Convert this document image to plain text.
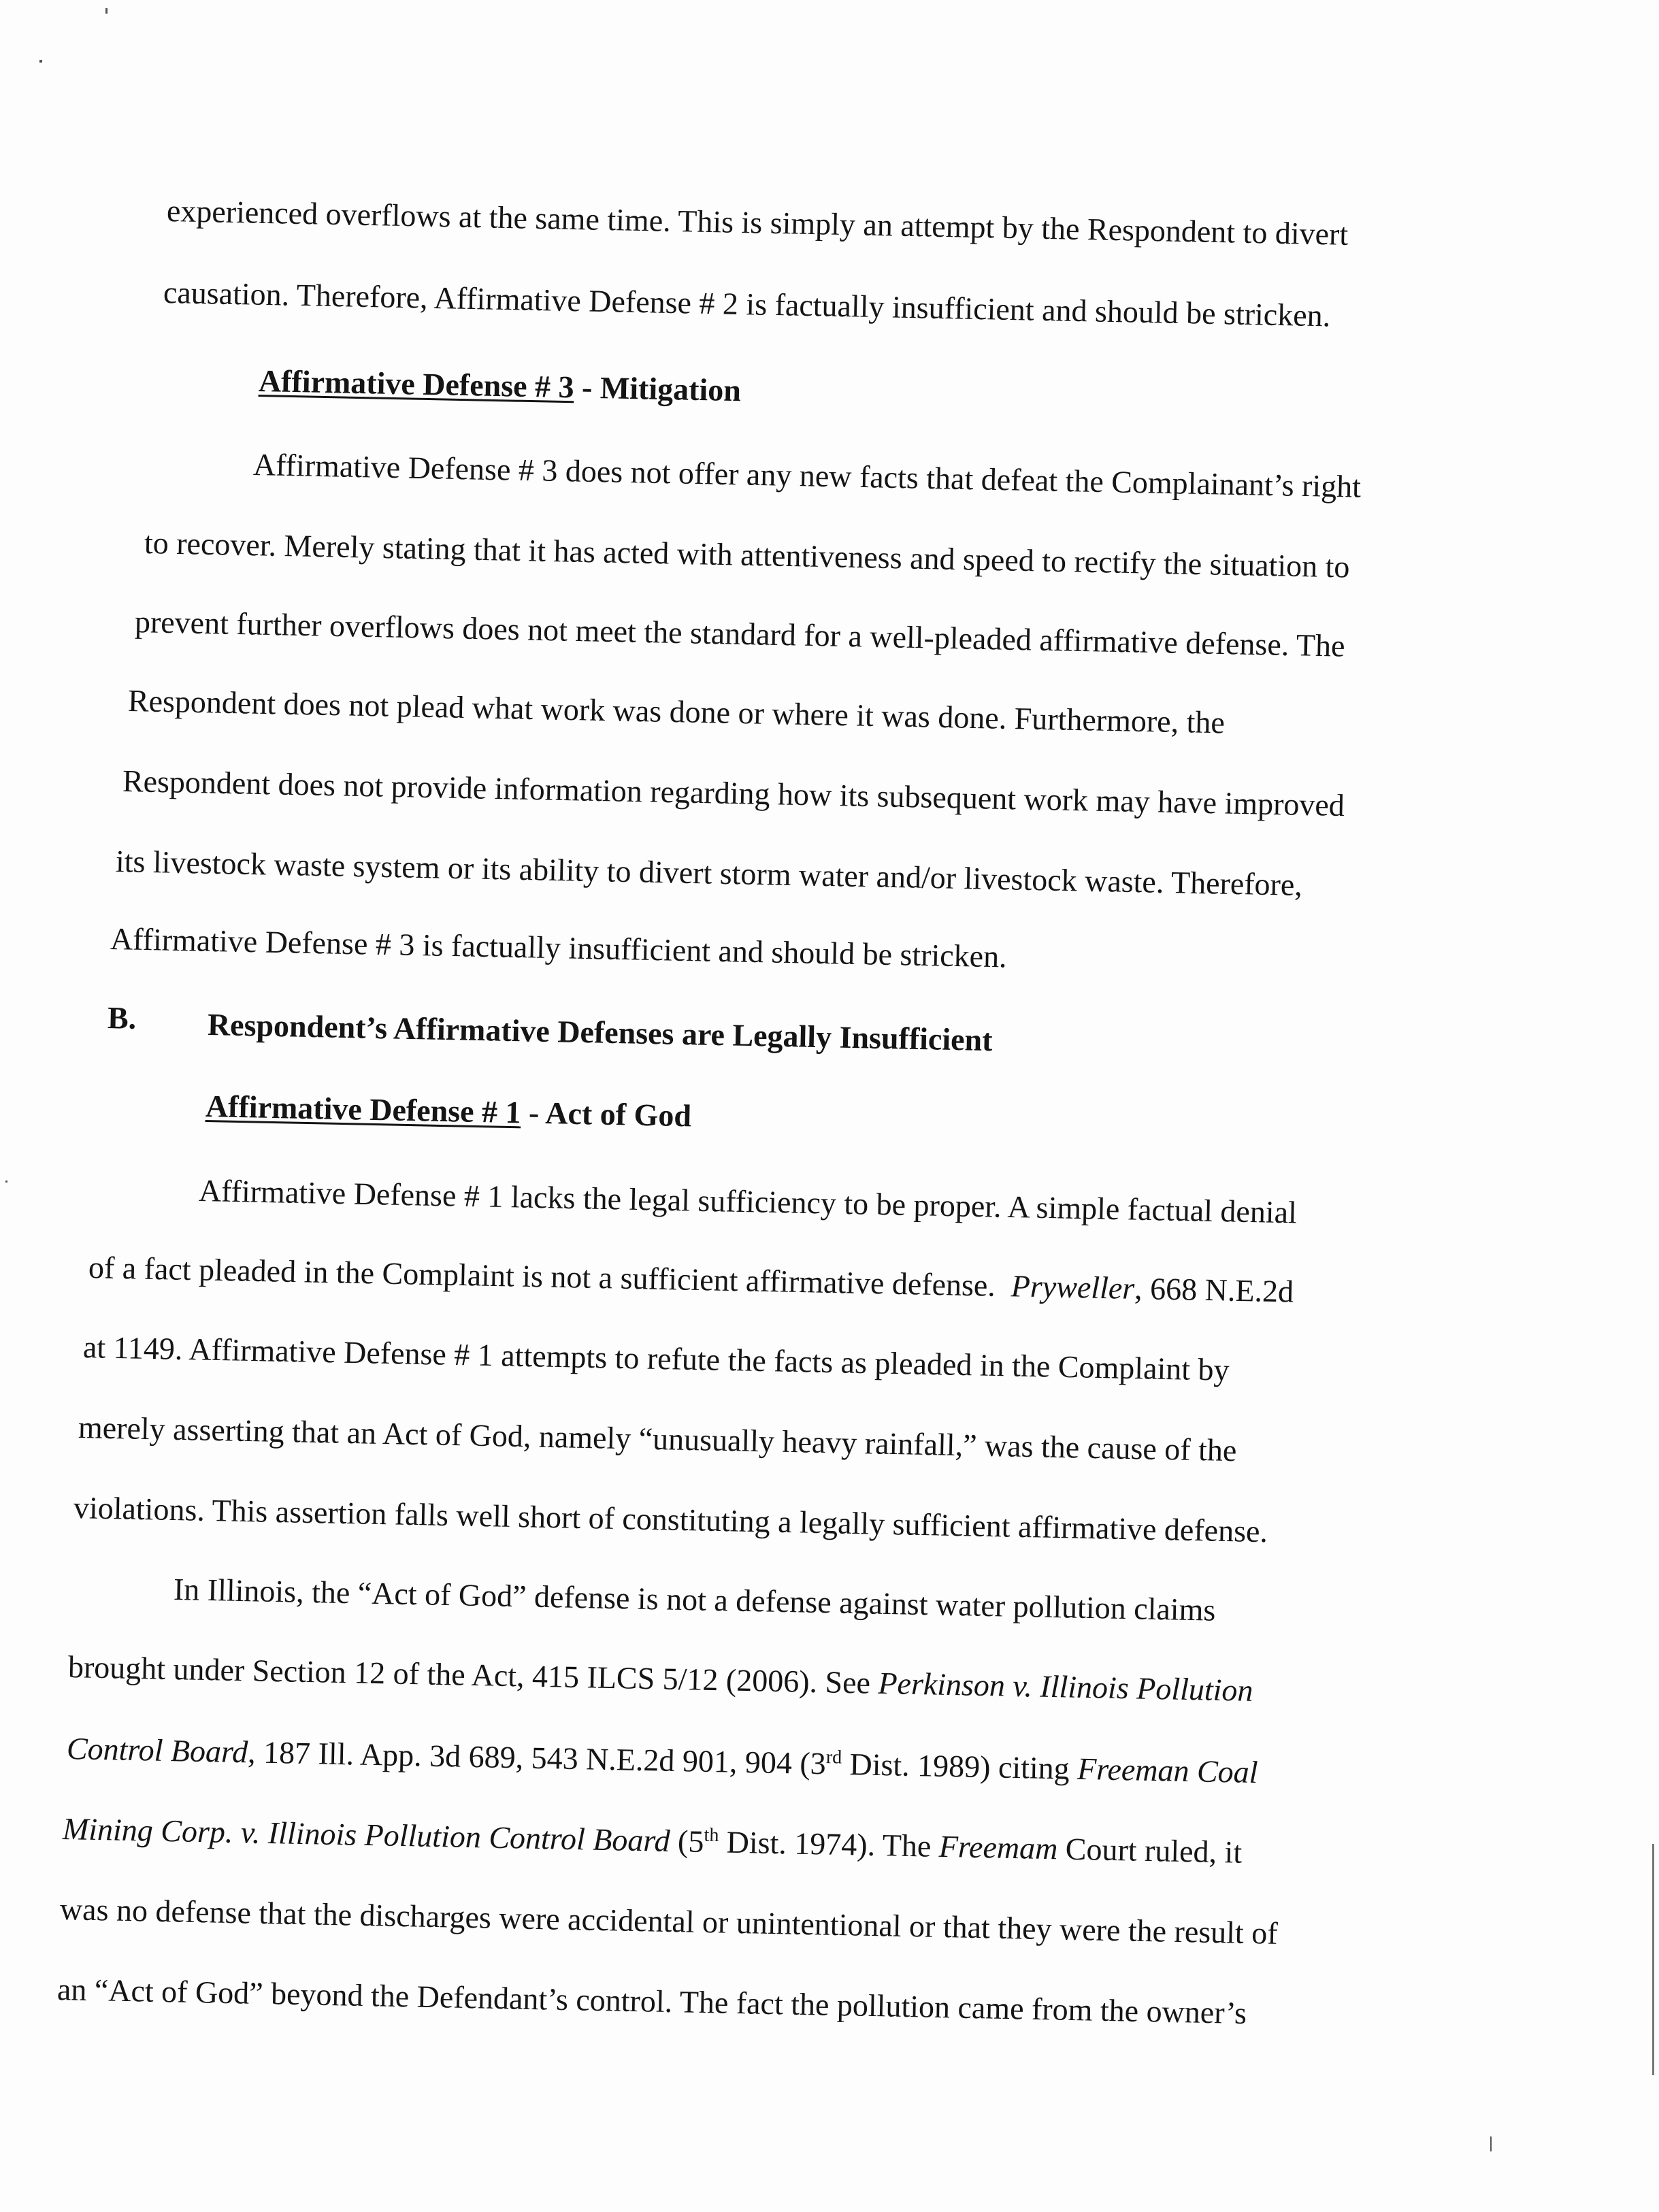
experienced overflows at the same time. This is simply an attempt by the Respondent to divert
causation. Therefore, Affirmative Defense # 2 is factually insufficient and should be stricken.
Affirmative Defense # 3 - Mitigation
Affirmative Defense # 3 does not offer any new facts that defeat the Complainant’s right
to recover. Merely stating that it has acted with attentiveness and speed to rectify the situation to
prevent further overflows does not meet the standard for a well-pleaded affirmative defense. The
Respondent does not plead what work was done or where it was done. Furthermore, the
Respondent does not provide information regarding how its subsequent work may have improved
its livestock waste system or its ability to divert storm water and/or livestock waste. Therefore,
Affirmative Defense # 3 is factually insufficient and should be stricken.
B. Respondent’s Affirmative Defenses are Legally Insufficient
Affirmative Defense # 1 - Act of God
Affirmative Defense # 1 lacks the legal sufficiency to be proper. A simple factual denial
of a fact pleaded in the Complaint is not a sufficient affirmative defense. Pryweller, 668 N.E.2d
at 1149. Affirmative Defense # 1 attempts to refute the facts as pleaded in the Complaint by
merely asserting that an Act of God, namely “unusually heavy rainfall,” was the cause of the
violations. This assertion falls well short of constituting a legally sufficient affirmative defense.
In Illinois, the “Act of God” defense is not a defense against water pollution claims
brought under Section 12 of the Act, 415 ILCS 5/12 (2006). See Perkinson v. Illinois Pollution
Control Board, 187 Ill. App. 3d 689, 543 N.E.2d 901, 904 (3rd Dist. 1989) citing Freeman Coal
Mining Corp. v. Illinois Pollution Control Board (5th Dist. 1974). The Freemam Court ruled, it
was no defense that the discharges were accidental or unintentional or that they were the result of
an “Act of God” beyond the Defendant’s control. The fact the pollution came from the owner’s
